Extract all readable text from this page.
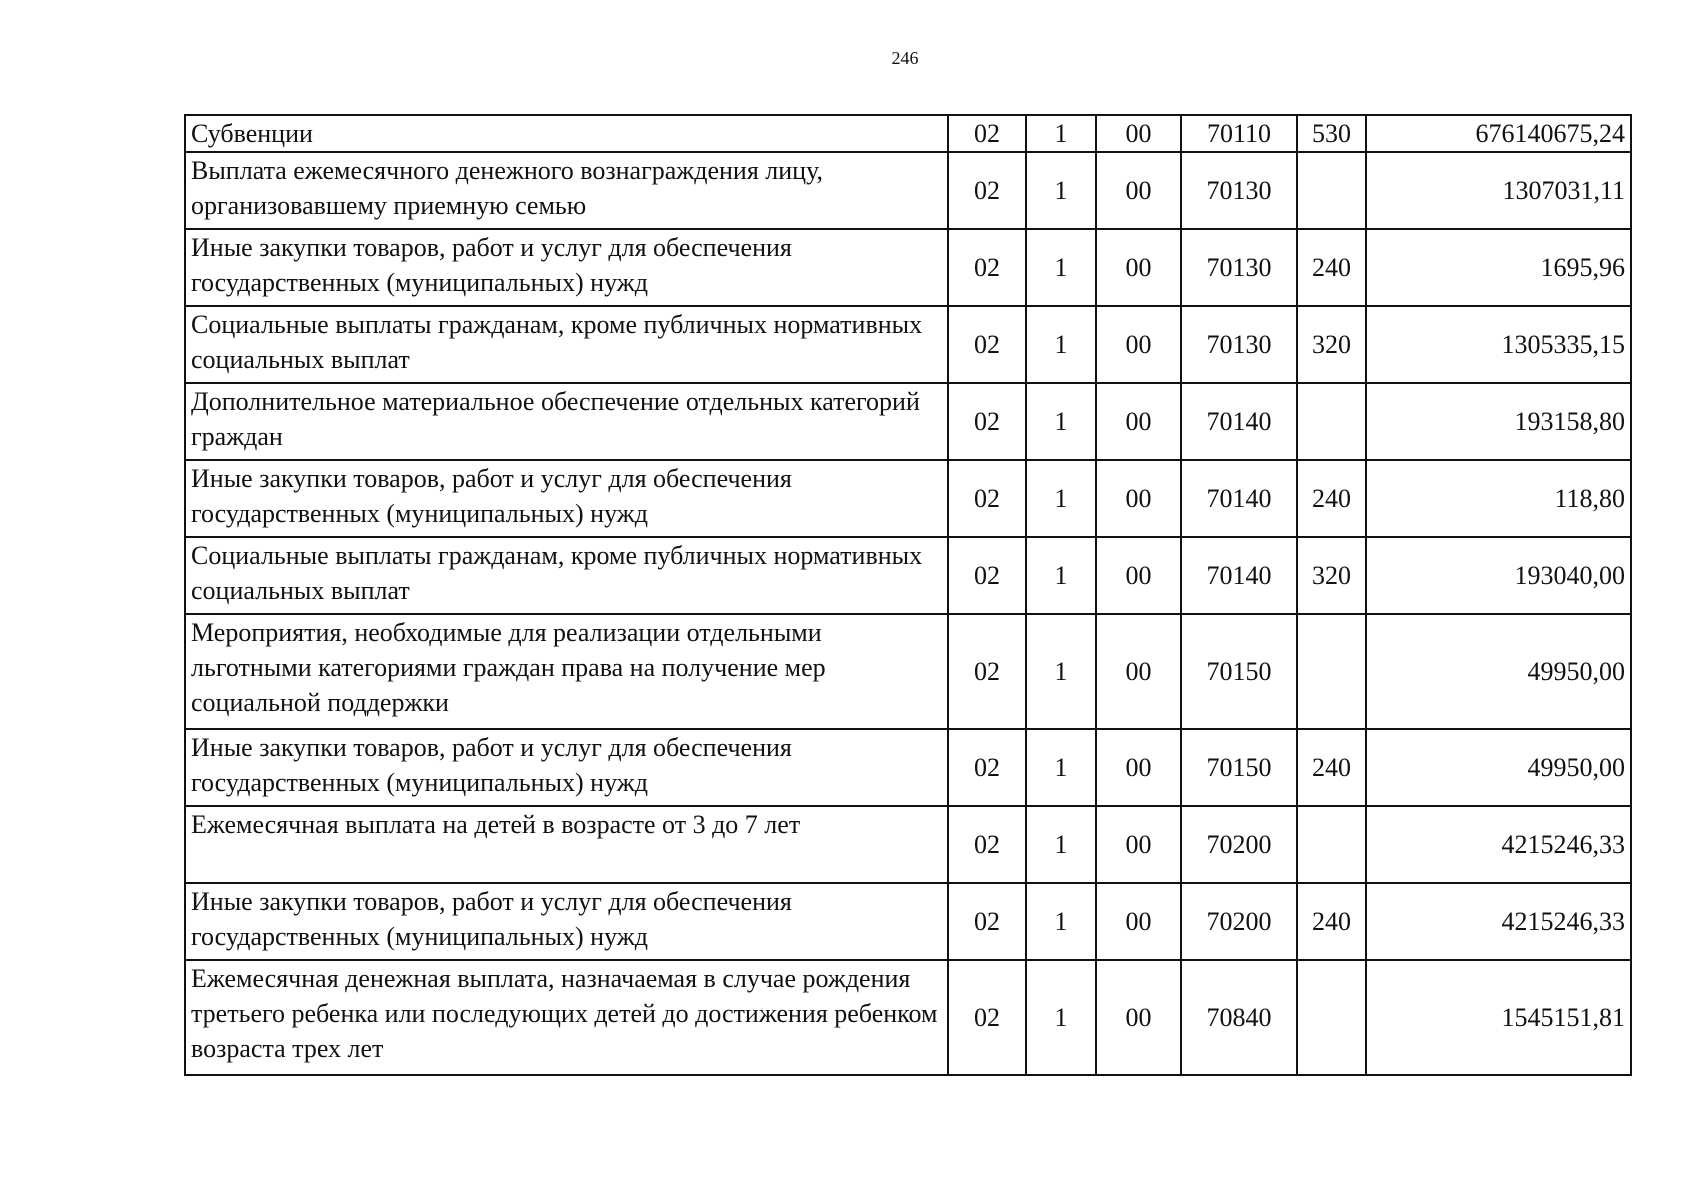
246
Субвенции	02	1	00	70110	530	676140675,24
Выплата ежемесячного денежного вознаграждения лицу, организовавшему приемную семью	02	1	00	70130		1307031,11
Иные закупки товаров, работ и услуг для обеспечения государственных (муниципальных) нужд	02	1	00	70130	240	1695,96
Социальные выплаты гражданам, кроме публичных нормативных социальных выплат	02	1	00	70130	320	1305335,15
Дополнительное материальное обеспечение отдельных категорий граждан	02	1	00	70140		193158,80
Иные закупки товаров, работ и услуг для обеспечения государственных (муниципальных) нужд	02	1	00	70140	240	118,80
Социальные выплаты гражданам, кроме публичных нормативных социальных выплат	02	1	00	70140	320	193040,00
Мероприятия, необходимые для реализации отдельными льготными категориями граждан права на получение мер социальной поддержки	02	1	00	70150		49950,00
Иные закупки товаров, работ и услуг для обеспечения государственных (муниципальных) нужд	02	1	00	70150	240	49950,00
Ежемесячная выплата на детей в возрасте от 3 до 7 лет	02	1	00	70200		4215246,33
Иные закупки товаров, работ и услуг для обеспечения государственных (муниципальных) нужд	02	1	00	70200	240	4215246,33
Ежемесячная денежная выплата, назначаемая в случае рождения третьего ребенка или последующих детей до достижения ребенком возраста трех лет	02	1	00	70840		1545151,81
